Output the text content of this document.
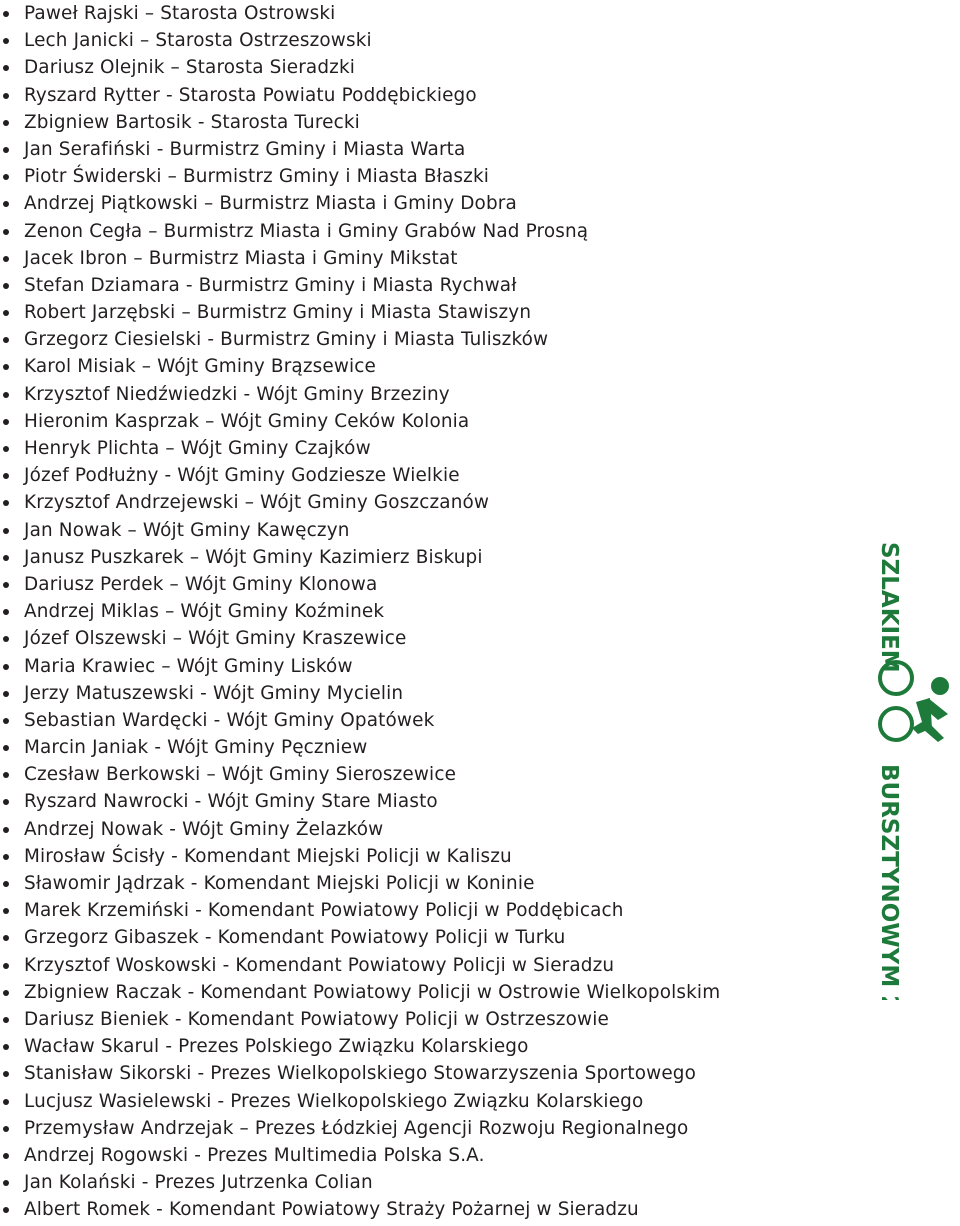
Paweł Rajski – Starosta Ostrowski
Lech Janicki – Starosta Ostrzeszowski
Dariusz Olejnik – Starosta Sieradzki
Ryszard Rytter - Starosta Powiatu Poddębickiego
Zbigniew Bartosik - Starosta Turecki
Jan Serafiński - Burmistrz Gminy i Miasta Warta
Piotr Świderski – Burmistrz Gminy i Miasta Błaszki
Andrzej Piątkowski – Burmistrz Miasta i Gminy Dobra
Zenon Cegła – Burmistrz Miasta i Gminy Grabów Nad Prosną
Jacek Ibron – Burmistrz Miasta i Gminy Mikstat
Stefan Dziamara - Burmistrz Gminy i Miasta Rychwał
Robert Jarzębski – Burmistrz Gminy i Miasta Stawiszyn
Grzegorz Ciesielski - Burmistrz Gminy i Miasta Tuliszków
Karol Misiak – Wójt Gminy Brązsewice
Krzysztof Niedźwiedzki - Wójt Gminy Brzeziny
Hieronim Kasprzak – Wójt Gminy Ceków Kolonia
Henryk Plichta – Wójt Gminy Czajków
Józef Podłużny - Wójt Gminy Godziesze Wielkie
Krzysztof Andrzejewski – Wójt Gminy Goszczanów
Jan Nowak – Wójt Gminy Kawęczyn
Janusz Puszkarek – Wójt Gminy Kazimierz Biskupi
Dariusz Perdek – Wójt Gminy Klonowa
Andrzej Miklas – Wójt Gminy Koźminek
Józef Olszewski – Wójt Gminy Kraszewice
Maria Krawiec – Wójt Gminy Lisków
Jerzy Matuszewski - Wójt Gminy Mycielin
Sebastian Wardęcki - Wójt Gminy Opatówek
Marcin Janiak - Wójt Gminy Pęczniew
Czesław Berkowski – Wójt Gminy Sieroszewice
Ryszard Nawrocki - Wójt Gminy Stare Miasto
Andrzej Nowak - Wójt Gminy Żelazków
Mirosław Ścisły - Komendant Miejski Policji w Kaliszu
Sławomir Jądrzak - Komendant Miejski Policji w Koninie
Marek Krzemiński - Komendant Powiatowy Policji w Poddębicach
Grzegorz Gibaszek - Komendant Powiatowy Policji w Turku
Krzysztof Woskowski - Komendant Powiatowy Policji w Sieradzu
Zbigniew Raczak - Komendant Powiatowy Policji w Ostrowie Wielkopolskim
Dariusz Bieniek - Komendant Powiatowy Policji w Ostrzeszowie
Wacław Skarul - Prezes Polskiego Związku Kolarskiego
Stanisław Sikorski - Prezes Wielkopolskiego Stowarzyszenia Sportowego
Lucjusz Wasielewski - Prezes Wielkopolskiego Związku Kolarskiego
Przemysław Andrzejak – Prezes Łódzkiej Agencji Rozwoju Regionalnego
Andrzej Rogowski - Prezes Multimedia Polska S.A.
Jan Kolański - Prezes Jutrzenka Colian
Albert Romek - Komendant Powiatowy Straży Pożarnej w Sieradzu
SZLAKIEM
BURSZTYNOWYM 2014
